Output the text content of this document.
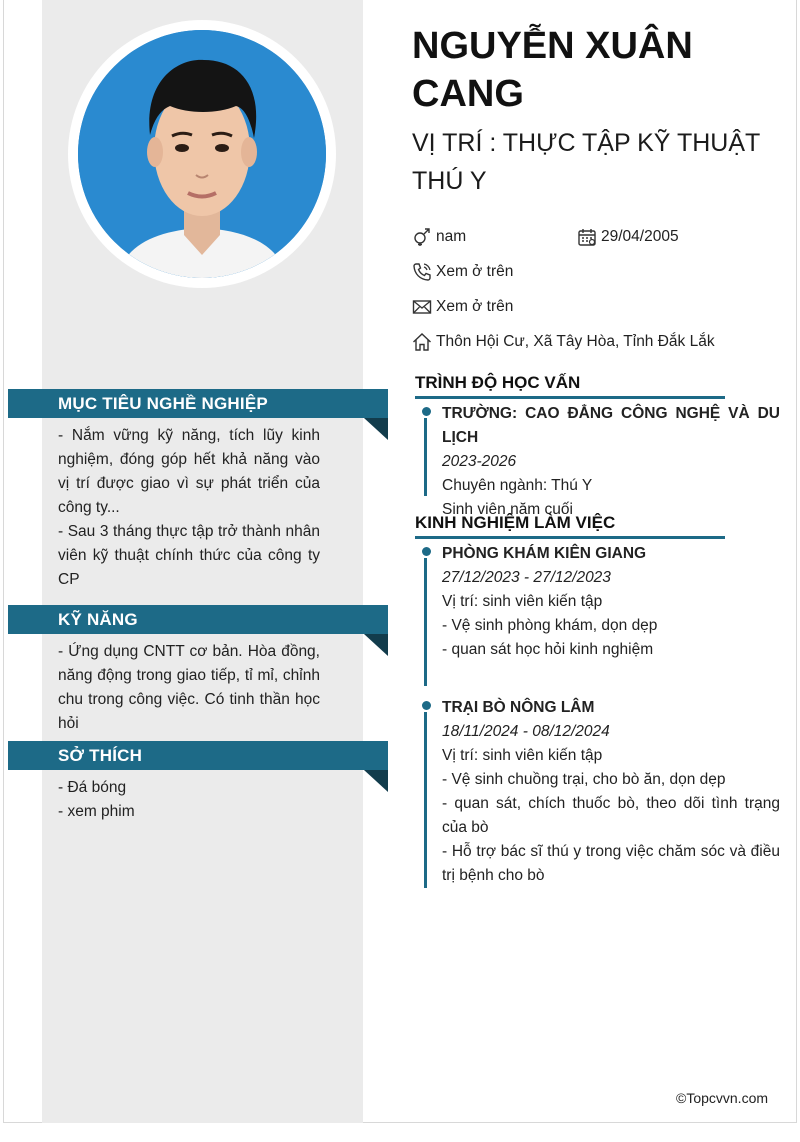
MỤC TIÊU NGHỀ NGHIỆP
- Nắm vững kỹ năng, tích lũy kinh nghiệm, đóng góp hết khả năng vào vị trí được giao vì sự phát triển của công ty...
- Sau 3 tháng thực tập trở thành nhân viên kỹ thuật chính thức của công ty CP
KỸ NĂNG
- Ứng dụng CNTT cơ bản. Hòa đồng, năng động trong giao tiếp, tỉ mỉ, chỉnh chu trong công việc. Có tinh thần học hỏi
SỞ THÍCH
- Đá bóng
- xem phim
NGUYỄN XUÂN CANG
VỊ TRÍ : THỰC TẬP KỸ THUẬT THÚ Y
nam	29/04/2005
Xem ở trên
Xem ở trên
Thôn Hội Cư, Xã Tây Hòa, Tỉnh Đắk Lắk
TRÌNH ĐỘ HỌC VẤN
TRƯỜNG: CAO ĐẲNG CÔNG NGHỆ VÀ DU LỊCH
2023-2026
Chuyên ngành: Thú Y
Sinh viên năm cuối
KINH NGHIỆM LÀM VIỆC
PHÒNG KHÁM KIÊN GIANG
27/12/2023 - 27/12/2023
Vị trí: sinh viên kiến tập
- Vệ sinh phòng khám, dọn dẹp
- quan sát học hỏi kinh nghiệm
TRẠI BÒ NÔNG LÂM
18/11/2024 - 08/12/2024
Vị trí: sinh viên kiến tập
- Vệ sinh chuồng trại, cho bò ăn, dọn dẹp
- quan sát, chích thuốc bò, theo dõi tình trạng của bò
- Hỗ trợ bác sĩ thú y trong việc chăm sóc và điều trị bệnh cho bò
©Topcvvn.com
